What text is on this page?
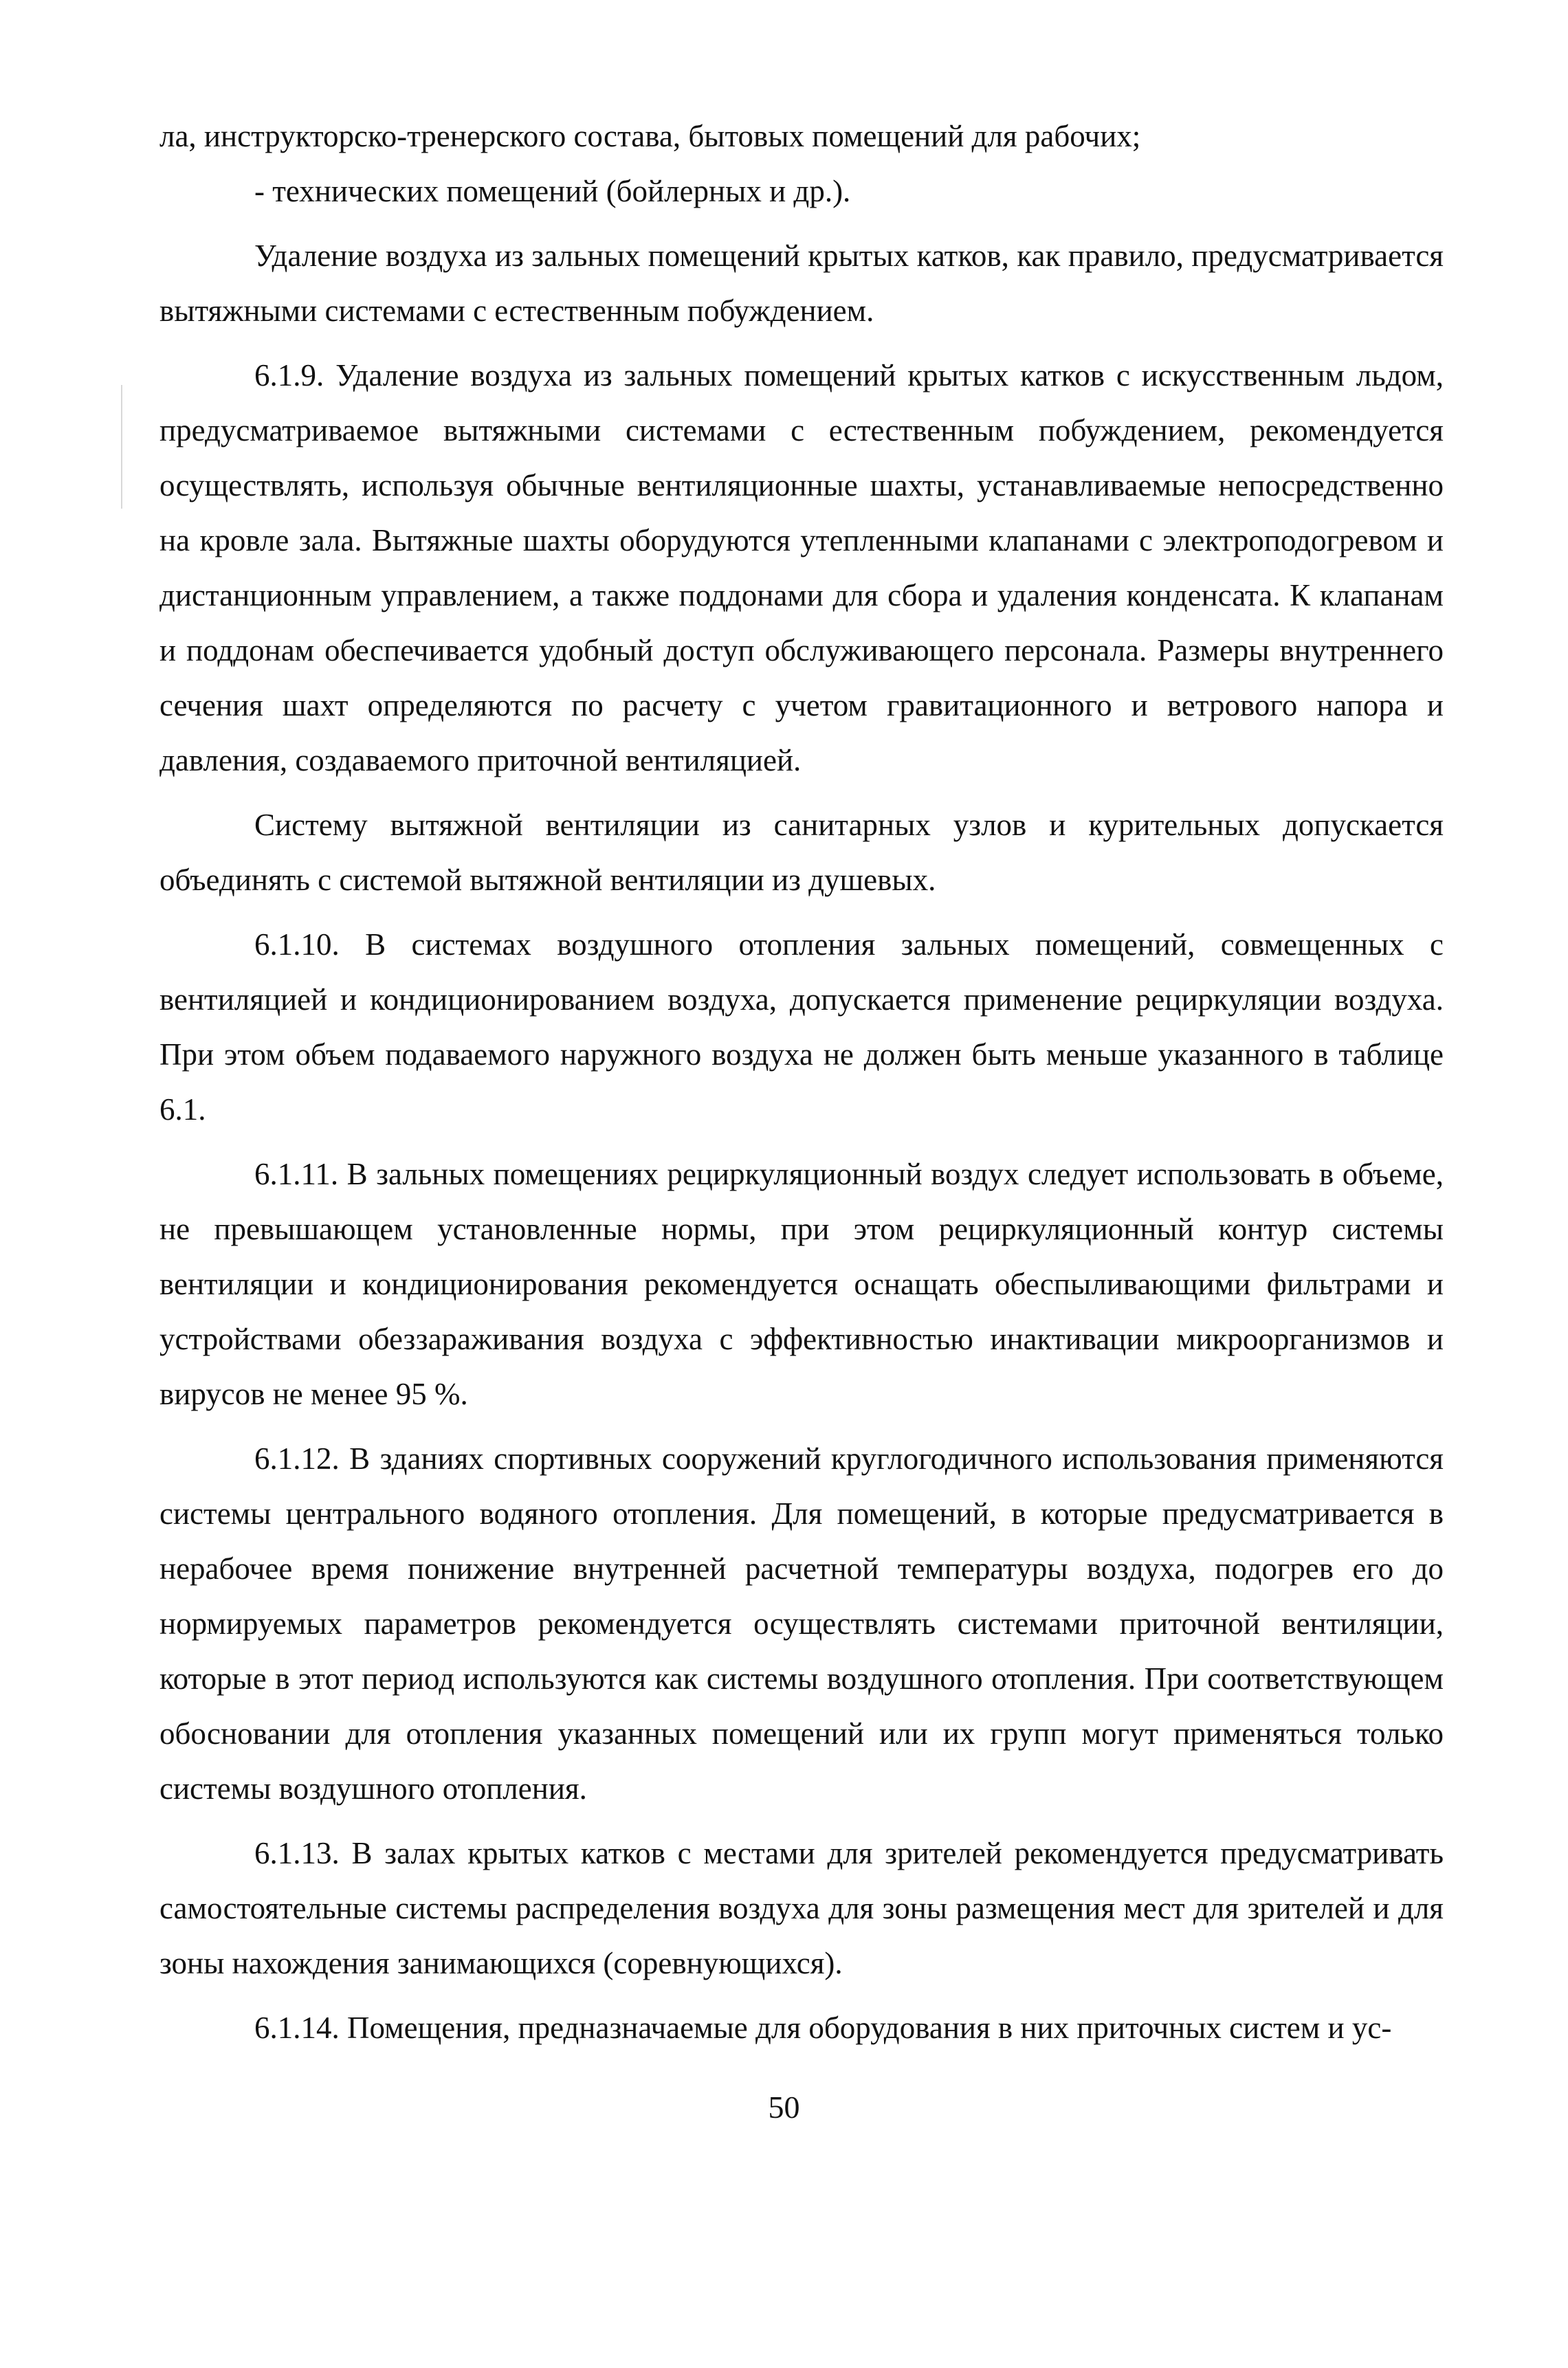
ла, инструкторско-тренерского состава, бытовых помещений для рабочих;

- технических помещений (бойлерных и др.).

Удаление воздуха из зальных помещений крытых катков, как правило, предусматривается вытяжными системами с естественным побуждением.

6.1.9. Удаление воздуха из зальных помещений крытых катков с искусственным льдом, предусматриваемое вытяжными системами с естественным побуждением, рекомендуется осуществлять, используя обычные вентиляционные шахты, устанавливаемые непосредственно на кровле зала. Вытяжные шахты оборудуются утепленными клапанами с электроподогревом и дистанционным управлением, а также поддонами для сбора и удаления конденсата. К клапанам и поддонам обеспечивается удобный доступ обслуживающего персонала. Размеры внутреннего сечения шахт определяются по расчету с учетом гравитационного и ветрового напора и давления, создаваемого приточной вентиляцией.

Систему вытяжной вентиляции из санитарных узлов и курительных допускается объединять с системой вытяжной вентиляции из душевых.

6.1.10. В системах воздушного отопления зальных помещений, совмещенных с вентиляцией и кондиционированием воздуха, допускается применение рециркуляции воздуха. При этом объем подаваемого наружного воздуха не должен быть меньше указанного в таблице 6.1.

6.1.11. В зальных помещениях рециркуляционный воздух следует использовать в объеме, не превышающем установленные нормы, при этом рециркуляционный контур системы вентиляции и кондиционирования рекомендуется оснащать обеспыливающими фильтрами и устройствами обеззараживания воздуха с эффективностью инактивации микроорганизмов и вирусов не менее 95 %.

6.1.12. В зданиях спортивных сооружений круглогодичного использования применяются системы центрального водяного отопления. Для помещений, в которые предусматривается в нерабочее время понижение внутренней расчетной температуры воздуха, подогрев его до нормируемых параметров рекомендуется осуществлять системами приточной вентиляции, которые в этот период используются как системы воздушного отопления. При соответствующем обосновании для отопления указанных помещений или их групп могут применяться только системы воздушного отопления.

6.1.13. В залах крытых катков с местами для зрителей рекомендуется предусматривать самостоятельные системы распределения воздуха для зоны размещения мест для зрителей и для зоны нахождения занимающихся (соревнующихся).

6.1.14. Помещения, предназначаемые для оборудования в них приточных систем и ус-

50
